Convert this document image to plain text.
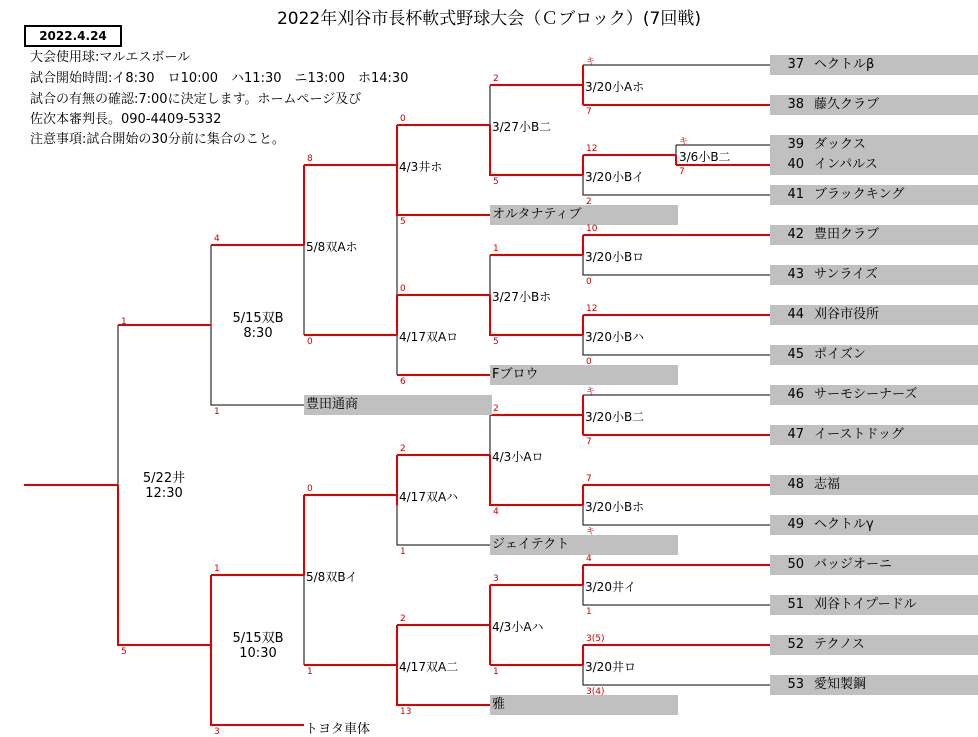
2022年刈谷市長杯軟式野球大会（Ｃブロック）(7回戦)
2022.4.24
大会使用球:マルエスボール
試合開始時間:イ8:30　ロ10:00　ハ11:30　ニ13:00　ホ14:30
試合の有無の確認:7:00に決定します。ホームページ及び
佐次本審判長。090-4409-5332
注意事項:試合開始の30分前に集合のこと。
37 ヘクトルβ
38 藤久クラブ
39 ダックス
40 インパルス
41 ブラックキング
42 豊田クラブ
43 サンライズ
44 刈谷市役所
45 ポイズン
46 サーモシーナーズ
47 イーストドッグ
48 志福
49 ヘクトルγ
50 バッジオーニ
51 刈谷トイプードル
52 テクノス
53 愛知製鋼
オルタナティブ
Fブロウ
豊田通商
ジェイテクト
雅
トヨタ車体
3/20小Aホ
3/6小B二
3/20小Bイ
3/20小Bロ
3/20小Bハ
3/20小B二
3/20小Bホ
3/20井イ
3/20井ロ
3/27小B二
3/27小Bホ
4/3小Aロ
4/3小Aハ
4/3井ホ
4/17双Aロ
4/17双Aハ
4/17双A二
5/8双Aホ
5/8双Bイ
5/15双B
8:30
5/15双B
10:30
5/22井
12:30
キ
7
2
5
12
7
キ
2
10
0
1
5
12
0
0
6
8
5
4
0
0
キ
7
2
4
7
キ
2
1
0
1
3
1
4
1
3(5)
3(4)
2
1
13
1
3
5
1
